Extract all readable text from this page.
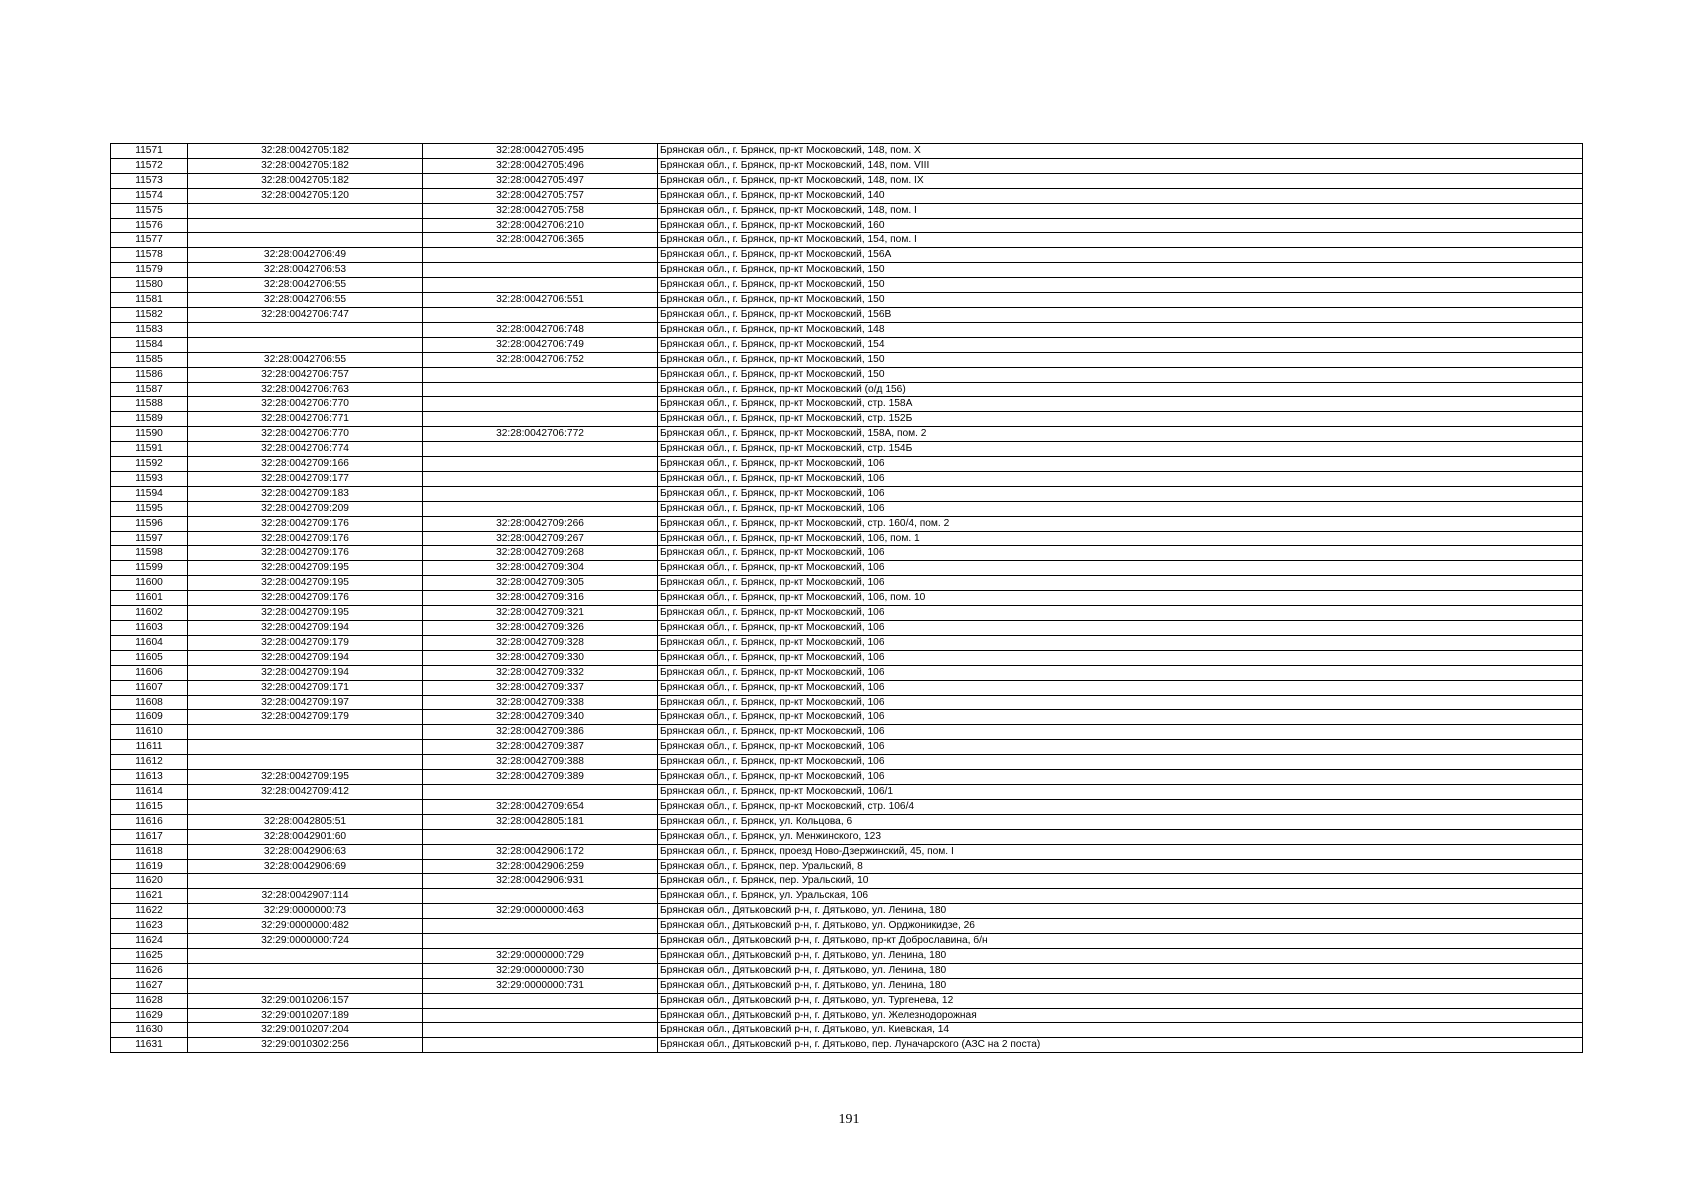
11571	32:28:0042705:182	32:28:0042705:495	Брянская обл., г. Брянск, пр-кт Московский, 148, пом. X
11572	32:28:0042705:182	32:28:0042705:496	Брянская обл., г. Брянск, пр-кт Московский, 148, пом. VIII
11573	32:28:0042705:182	32:28:0042705:497	Брянская обл., г. Брянск, пр-кт Московский, 148, пом. IX
11574	32:28:0042705:120	32:28:0042705:757	Брянская обл., г. Брянск, пр-кт Московский, 140
11575		32:28:0042705:758	Брянская обл., г. Брянск, пр-кт Московский, 148, пом. I
11576		32:28:0042706:210	Брянская обл., г. Брянск, пр-кт Московский, 160
11577		32:28:0042706:365	Брянская обл., г. Брянск, пр-кт Московский, 154, пом. I
11578	32:28:0042706:49		Брянская обл., г. Брянск, пр-кт Московский, 156А
11579	32:28:0042706:53		Брянская обл., г. Брянск, пр-кт Московский, 150
11580	32:28:0042706:55		Брянская обл., г. Брянск, пр-кт Московский, 150
11581	32:28:0042706:55	32:28:0042706:551	Брянская обл., г. Брянск, пр-кт Московский, 150
11582	32:28:0042706:747		Брянская обл., г. Брянск, пр-кт Московский, 156В
11583		32:28:0042706:748	Брянская обл., г. Брянск, пр-кт Московский, 148
11584		32:28:0042706:749	Брянская обл., г. Брянск, пр-кт Московский, 154
11585	32:28:0042706:55	32:28:0042706:752	Брянская обл., г. Брянск, пр-кт Московский, 150
11586	32:28:0042706:757		Брянская обл., г. Брянск, пр-кт Московский, 150
11587	32:28:0042706:763		Брянская обл., г. Брянск, пр-кт Московский (о/д 156)
11588	32:28:0042706:770		Брянская обл., г. Брянск, пр-кт Московский, стр. 158А
11589	32:28:0042706:771		Брянская обл., г. Брянск, пр-кт Московский, стр. 152Б
11590	32:28:0042706:770	32:28:0042706:772	Брянская обл., г. Брянск, пр-кт Московский, 158А, пом. 2
11591	32:28:0042706:774		Брянская обл., г. Брянск, пр-кт Московский, стр. 154Б
11592	32:28:0042709:166		Брянская обл., г. Брянск, пр-кт Московский, 106
11593	32:28:0042709:177		Брянская обл., г. Брянск, пр-кт Московский, 106
11594	32:28:0042709:183		Брянская обл., г. Брянск, пр-кт Московский, 106
11595	32:28:0042709:209		Брянская обл., г. Брянск, пр-кт Московский, 106
11596	32:28:0042709:176	32:28:0042709:266	Брянская обл., г. Брянск, пр-кт Московский, стр. 160/4, пом. 2
11597	32:28:0042709:176	32:28:0042709:267	Брянская обл., г. Брянск, пр-кт Московский, 106, пом. 1
11598	32:28:0042709:176	32:28:0042709:268	Брянская обл., г. Брянск, пр-кт Московский, 106
11599	32:28:0042709:195	32:28:0042709:304	Брянская обл., г. Брянск, пр-кт Московский, 106
11600	32:28:0042709:195	32:28:0042709:305	Брянская обл., г. Брянск, пр-кт Московский, 106
11601	32:28:0042709:176	32:28:0042709:316	Брянская обл., г. Брянск, пр-кт Московский, 106, пом. 10
11602	32:28:0042709:195	32:28:0042709:321	Брянская обл., г. Брянск, пр-кт Московский, 106
11603	32:28:0042709:194	32:28:0042709:326	Брянская обл., г. Брянск, пр-кт Московский, 106
11604	32:28:0042709:179	32:28:0042709:328	Брянская обл., г. Брянск, пр-кт Московский, 106
11605	32:28:0042709:194	32:28:0042709:330	Брянская обл., г. Брянск, пр-кт Московский, 106
11606	32:28:0042709:194	32:28:0042709:332	Брянская обл., г. Брянск, пр-кт Московский, 106
11607	32:28:0042709:171	32:28:0042709:337	Брянская обл., г. Брянск, пр-кт Московский, 106
11608	32:28:0042709:197	32:28:0042709:338	Брянская обл., г. Брянск, пр-кт Московский, 106
11609	32:28:0042709:179	32:28:0042709:340	Брянская обл., г. Брянск, пр-кт Московский, 106
11610		32:28:0042709:386	Брянская обл., г. Брянск, пр-кт Московский, 106
11611		32:28:0042709:387	Брянская обл., г. Брянск, пр-кт Московский, 106
11612		32:28:0042709:388	Брянская обл., г. Брянск, пр-кт Московский, 106
11613	32:28:0042709:195	32:28:0042709:389	Брянская обл., г. Брянск, пр-кт Московский, 106
11614	32:28:0042709:412		Брянская обл., г. Брянск, пр-кт Московский, 106/1
11615		32:28:0042709:654	Брянская обл., г. Брянск, пр-кт Московский, стр. 106/4
11616	32:28:0042805:51	32:28:0042805:181	Брянская обл., г. Брянск, ул. Кольцова, 6
11617	32:28:0042901:60		Брянская обл., г. Брянск, ул. Менжинского, 123
11618	32:28:0042906:63	32:28:0042906:172	Брянская обл., г. Брянск, проезд Ново-Дзержинский, 45, пом. I
11619	32:28:0042906:69	32:28:0042906:259	Брянская обл., г. Брянск, пер. Уральский, 8
11620		32:28:0042906:931	Брянская обл., г. Брянск, пер. Уральский, 10
11621	32:28:0042907:114		Брянская обл., г. Брянск, ул. Уральская, 106
11622	32:29:0000000:73	32:29:0000000:463	Брянская обл., Дятьковский р-н, г. Дятьково, ул. Ленина, 180
11623	32:29:0000000:482		Брянская обл., Дятьковский р-н, г. Дятьково, ул. Орджоникидзе, 26
11624	32:29:0000000:724		Брянская обл., Дятьковский р-н, г. Дятьково, пр-кт Доброславина, б/н
11625		32:29:0000000:729	Брянская обл., Дятьковский р-н, г. Дятьково, ул. Ленина, 180
11626		32:29:0000000:730	Брянская обл., Дятьковский р-н, г. Дятьково, ул. Ленина, 180
11627		32:29:0000000:731	Брянская обл., Дятьковский р-н, г. Дятьково, ул. Ленина, 180
11628	32:29:0010206:157		Брянская обл., Дятьковский р-н, г. Дятьково, ул. Тургенева, 12
11629	32:29:0010207:189		Брянская обл., Дятьковский р-н, г. Дятьково, ул. Железнодорожная
11630	32:29:0010207:204		Брянская обл., Дятьковский р-н, г. Дятьково, ул. Киевская, 14
11631	32:29:0010302:256		Брянская обл., Дятьковский р-н, г. Дятьково, пер. Луначарского (АЗС на 2 поста)
191
